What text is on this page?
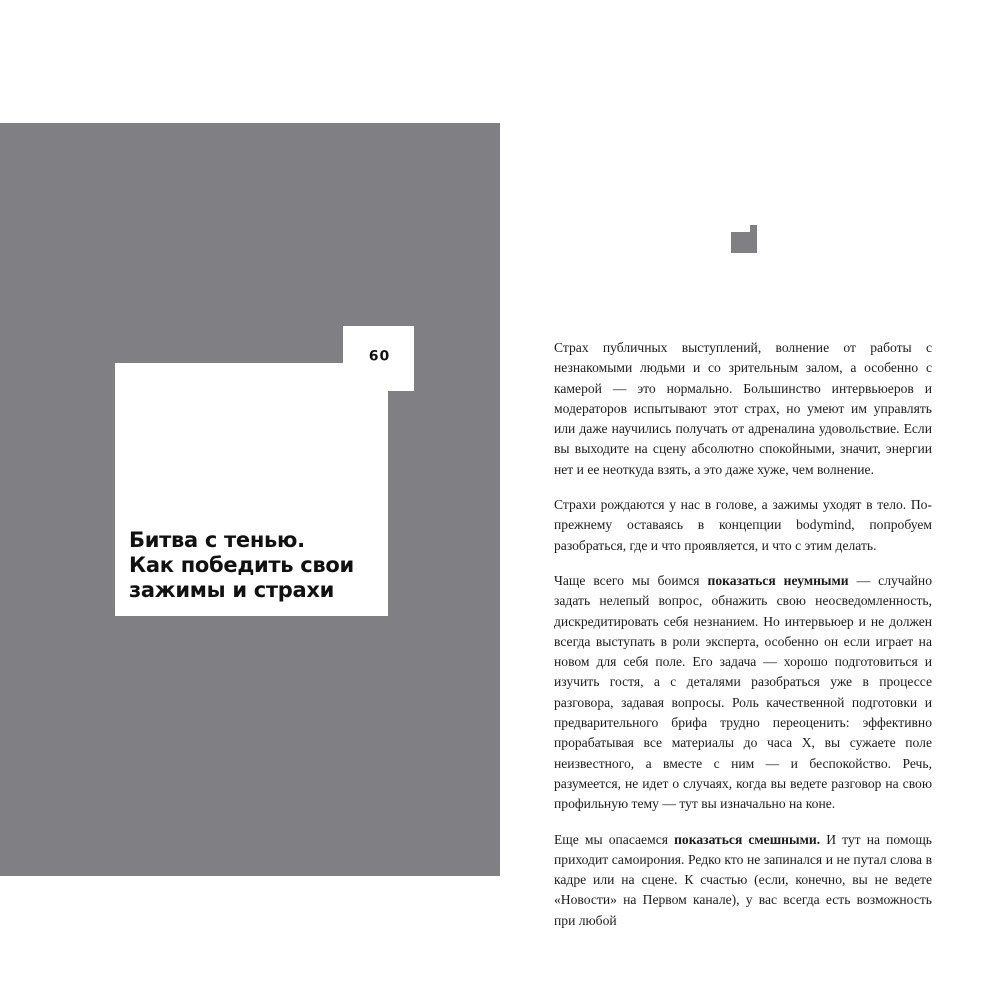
09
Битва с тенью.
Как победить свои
зажимы и страхи

Страх публичных выступлений, волнение от работы с незнакомыми людьми и со зрительным залом, а особенно с камерой — это нормально. Большинство интервьюеров и модераторов испытывают этот страх, но умеют им управлять или даже научились получать от адреналина удовольствие. Если вы выходите на сцену абсолютно спокойными, значит, энергии нет и ее неоткуда взять, а это даже хуже, чем волнение.

Страхи рождаются у нас в голове, а зажимы уходят в тело. По-прежнему оставаясь в концепции bodymind, попробуем разобраться, где и что проявляется, и что с этим делать.

Чаще всего мы боимся показаться неумными — случайно задать нелепый вопрос, обнажить свою неосведомленность, дискредитировать себя незнанием. Но интервьюер и не должен всегда выступать в роли эксперта, особенно он если играет на новом для себя поле. Его задача — хорошо подготовиться и изучить гостя, а с деталями разобраться уже в процессе разговора, задавая вопросы. Роль качественной подготовки и предварительного брифа трудно переоценить: эффективно прорабатывая все материалы до часа Х, вы сужаете поле неизвестного, а вместе с ним — и беспокойство. Речь, разумеется, не идет о случаях, когда вы ведете разговор на свою профильную тему — тут вы изначально на коне.

Еще мы опасаемся показаться смешными. И тут на помощь приходит самоирония. Редко кто не запинался и не путал слова в кадре или на сцене. К счастью (если, конечно, вы не ведете «Новости» на Первом канале), у вас всегда есть возможность при любой
